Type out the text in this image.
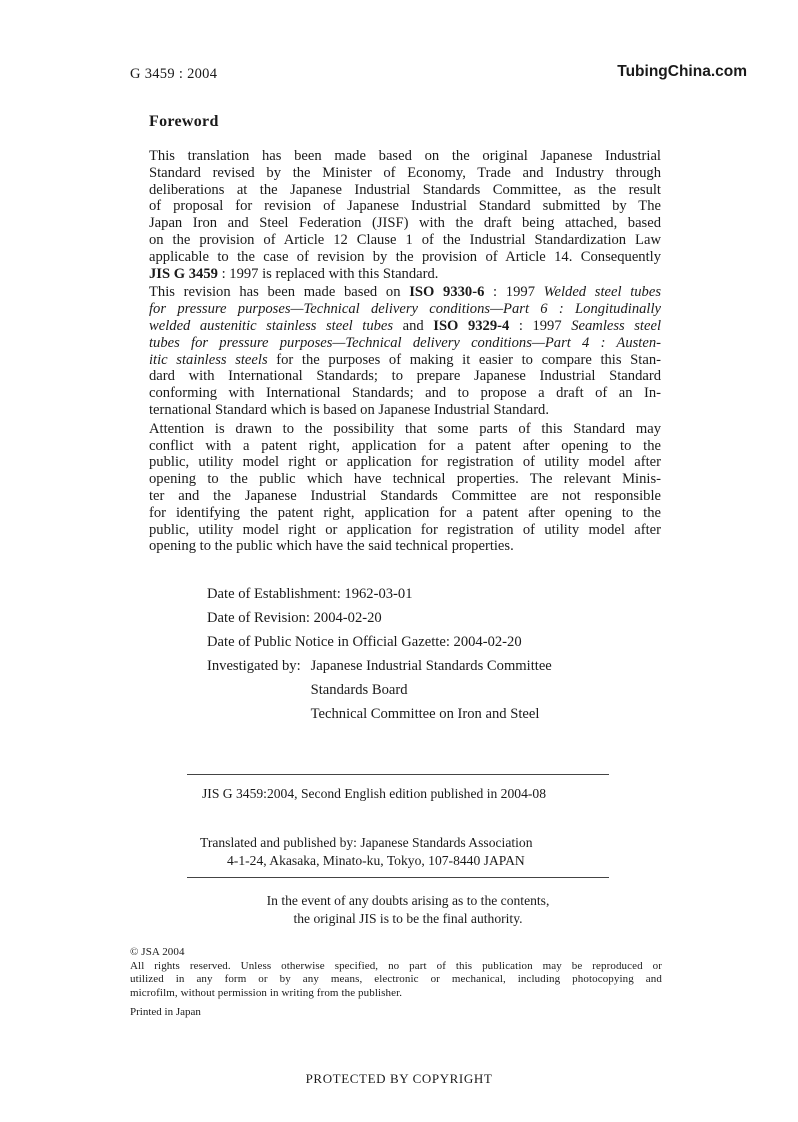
G 3459 : 2004	TubingChina.com
Foreword
This translation has been made based on the original Japanese Industrial
Standard revised by the Minister of Economy, Trade and Industry through
deliberations at the Japanese Industrial Standards Committee, as the result
of proposal for revision of Japanese Industrial Standard submitted by The
Japan Iron and Steel Federation (JISF) with the draft being attached, based
on the provision of Article 12 Clause 1 of the Industrial Standardization Law
applicable to the case of revision by the provision of Article 14. Consequently
JIS G 3459 : 1997 is replaced with this Standard.
This revision has been made based on ISO 9330-6 : 1997 Welded steel tubes
for pressure purposes—Technical delivery conditions—Part 6 : Longitudinally
welded austenitic stainless steel tubes and ISO 9329-4 : 1997 Seamless steel
tubes for pressure purposes—Technical delivery conditions—Part 4 : Austen-
itic stainless steels for the purposes of making it easier to compare this Stan-
dard with International Standards; to prepare Japanese Industrial Standard
conforming with International Standards; and to propose a draft of an In-
ternational Standard which is based on Japanese Industrial Standard.
Attention is drawn to the possibility that some parts of this Standard may
conflict with a patent right, application for a patent after opening to the
public, utility model right or application for registration of utility model after
opening to the public which have technical properties. The relevant Minis-
ter and the Japanese Industrial Standards Committee are not responsible
for identifying the patent right, application for a patent after opening to the
public, utility model right or application for registration of utility model after
opening to the public which have the said technical properties.
Date of Establishment:
1962-03-01
Date of Revision:
2004-02-20
Date of Public Notice in Official Gazette:
2004-02-20
Investigated by: Japanese Industrial Standards Committee
Standards Board
Technical Committee on Iron and Steel
JIS G 3459:2004, Second English edition published in 2004-08
Translated and published by: Japanese Standards Association
4-1-24, Akasaka, Minato-ku, Tokyo, 107-8440 JAPAN
In the event of any doubts arising as to the contents,
the original JIS is to be the final authority.
© JSA 2004
All rights reserved. Unless otherwise specified, no part of this publication may be reproduced or
utilized in any form or by any means, electronic or mechanical, including photocopying and
microfilm, without permission in writing from the publisher.
Printed in Japan
PROTECTED BY COPYRIGHT
